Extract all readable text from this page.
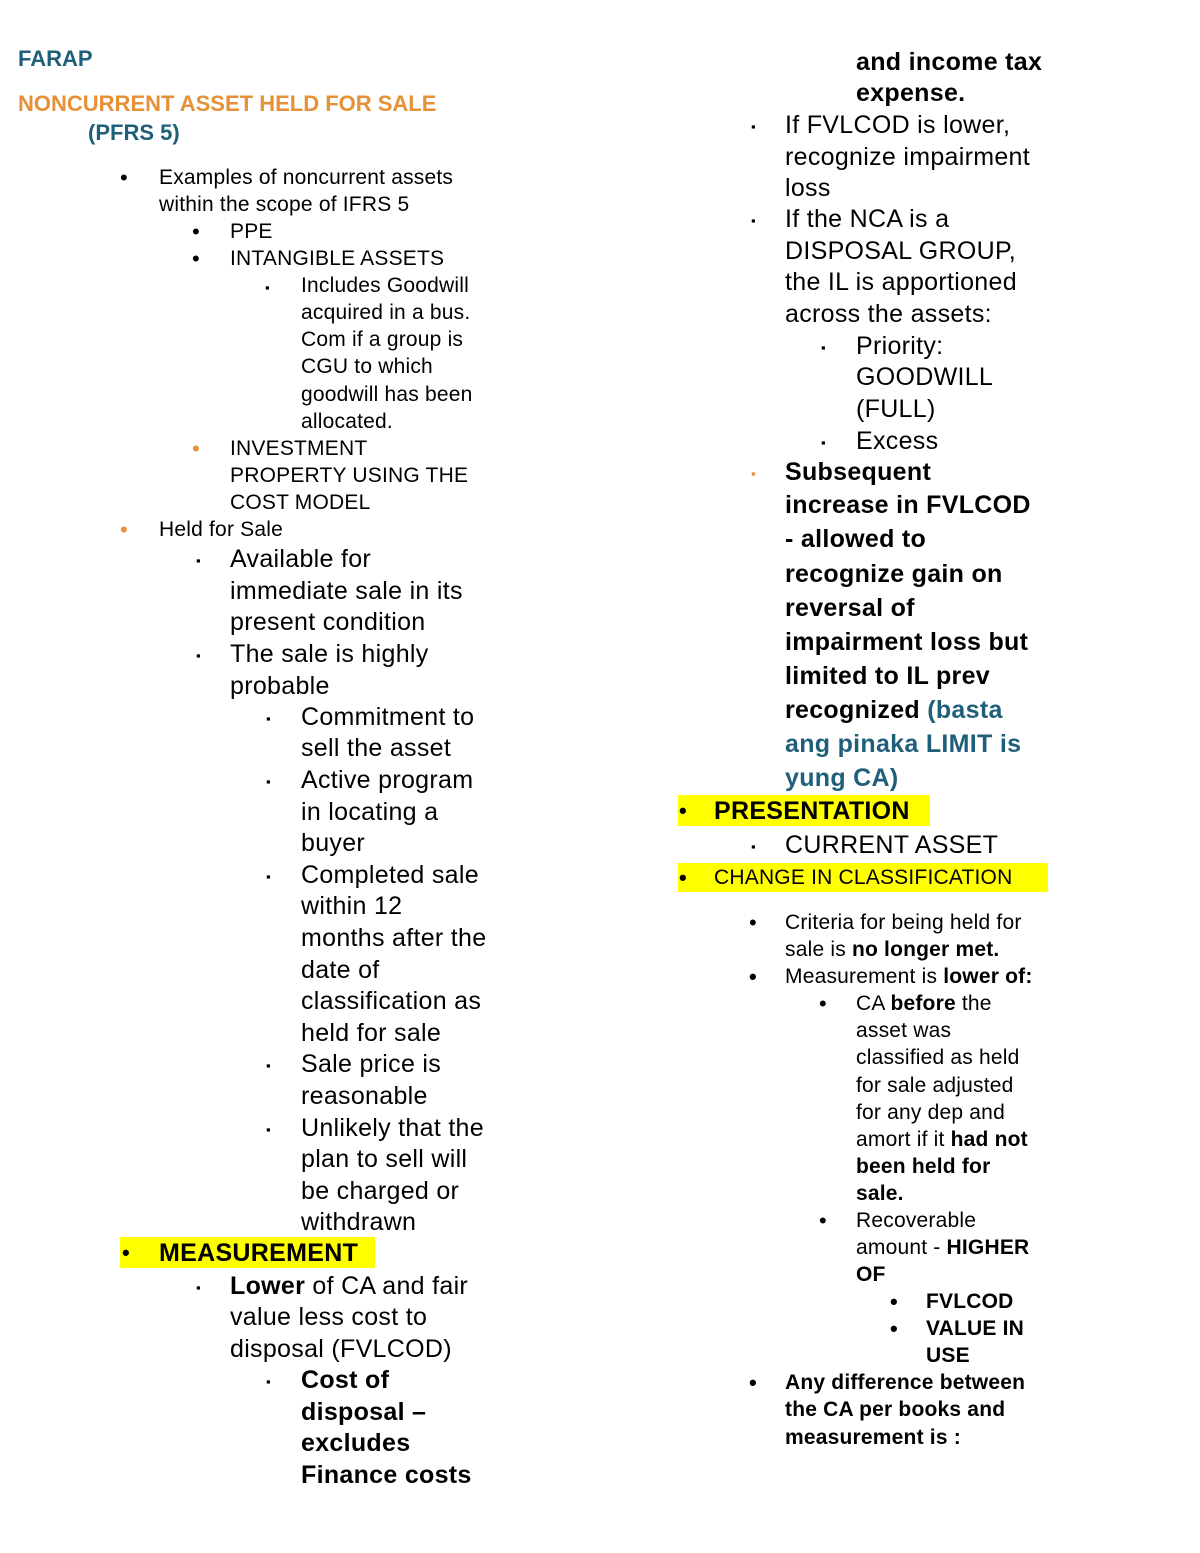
FARAP
NONCURRENT ASSET HELD FOR SALE
(PFRS 5)
• Examples of noncurrent assets
within the scope of IFRS 5
• PPE
• INTANGIBLE ASSETS
▪ Includes Goodwill
acquired in a bus.
Com if a group is
CGU to which
goodwill has been
allocated.
• INVESTMENT
PROPERTY USING THE
COST MODEL
• Held for Sale
▪ Available for
immediate sale in its
present condition
▪ The sale is highly
probable
▪ Commitment to
sell the asset
▪ Active program
in locating a
buyer
▪ Completed sale
within 12
months after the
date of
classification as
held for sale
▪ Sale price is
reasonable
▪ Unlikely that the
plan to sell will
be charged or
withdrawn
• MEASUREMENT
▪ Lower of CA and fair
value less cost to
disposal (FVLCOD)
▪ Cost of
disposal –
excludes
Finance costs
and income tax
expense.
▪ If FVLCOD is lower,
recognize impairment
loss
▪ If the NCA is a
DISPOSAL GROUP,
the IL is apportioned
across the assets:
▪ Priority:
GOODWILL
(FULL)
▪ Excess
▪ Subsequent
increase in FVLCOD
- allowed to
recognize gain on
reversal of
impairment loss but
limited to IL prev
recognized (basta
ang pinaka LIMIT is
yung CA)
• PRESENTATION
▪ CURRENT ASSET
• CHANGE IN CLASSIFICATION
• Criteria for being held for
sale is no longer met.
• Measurement is lower of:
• CA before the
asset was
classified as held
for sale adjusted
for any dep and
amort if it had not
been held for
sale.
• Recoverable
amount - HIGHER
OF
• FVLCOD
• VALUE IN
USE
• Any difference between
the CA per books and
measurement is :
